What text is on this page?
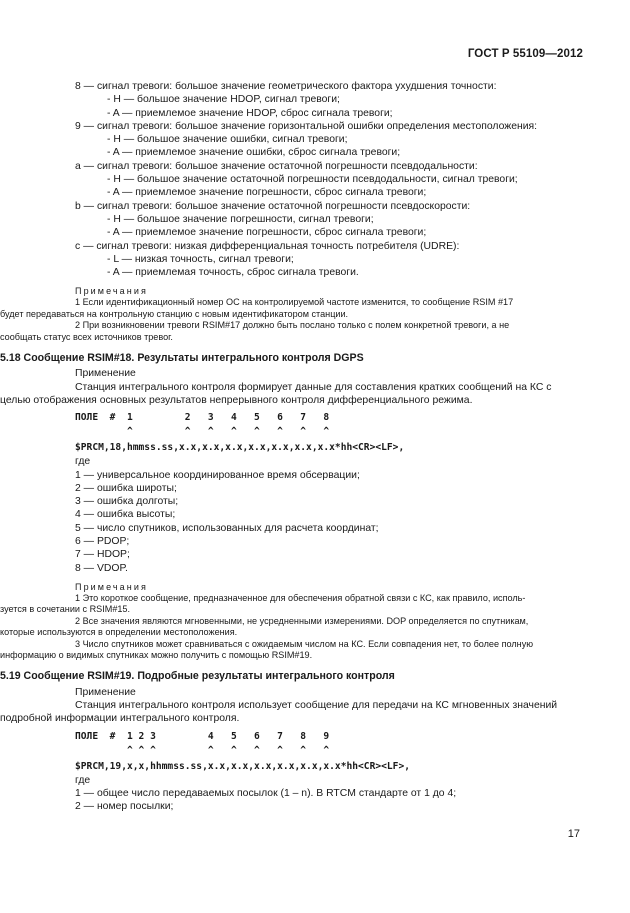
ГОСТ Р 55109—2012
8 — сигнал тревоги: большое значение геометрического фактора ухудшения точности:
- H — большое значение HDOP, сигнал тревоги;
- A — приемлемое значение HDOP, сброс сигнала тревоги;
9 — сигнал тревоги: большое значение горизонтальной ошибки определения местоположения:
- H — большое значение ошибки, сигнал тревоги;
- A — приемлемое значение ошибки, сброс сигнала тревоги;
а — сигнал тревоги: большое значение остаточной погрешности псевдодальности:
- H — большое значение остаточной погрешности псевдодальности, сигнал тревоги;
- A — приемлемое значение погрешности, сброс сигнала тревоги;
b — сигнал тревоги: большое значение остаточной погрешности псевдоскорости:
- H — большое значение погрешности, сигнал тревоги;
- A — приемлемое значение погрешности, сброс сигнала тревоги;
с — сигнал тревоги: низкая дифференциальная точность потребителя (UDRE):
- L — низкая точность, сигнал тревоги;
- A — приемлемая точность, сброс сигнала тревоги.
Примечания
1 Если идентификационный номер ОС на контролируемой частоте изменится, то сообщение RSIM #17
будет передаваться на контрольную станцию с новым идентификатором станции.
2 При возникновении тревоги RSIM#17 должно быть послано только с полем конкретной тревоги, а не
сообщать статус всех источников тревог.
5.18 Сообщение RSIM#18. Результаты интегрального контроля DGPS
Применение
Станция интегрального контроля формирует данные для составления кратких сообщений на КС с
целью отображения основных результатов непрерывного контроля дифференциального режима.
ПОЛЕ  #  1         2   3   4   5   6   7   8
^         ^   ^   ^   ^   ^   ^   ^
$PRCM,18,hmmss.ss,x.x,x.x,x.x,x.x,x.x,x.x,x.x*hh<CR><LF>,
где
1 — универсальное координированное время обсервации;
2 — ошибка широты;
3 — ошибка долготы;
4 — ошибка высоты;
5 — число спутников, использованных для расчета координат;
6 — PDOP;
7 — HDOP;
8 — VDOP.
Примечания
1 Это короткое сообщение, предназначенное для обеспечения обратной связи с КС, как правило, исполь-
зуется в сочетании с RSIM#15.
2 Все значения являются мгновенными, не усредненными измерениями. DOP определяется по спутникам,
которые используются в определении местоположения.
3 Число спутников может сравниваться с ожидаемым числом на КС. Если совпадения нет, то более полную
информацию о видимых спутниках можно получить с помощью RSIM#19.
5.19 Сообщение RSIM#19. Подробные результаты интегрального контроля
Применение
Станция интегрального контроля использует сообщение для передачи на КС мгновенных значений
подробной информации интегрального контроля.
ПОЛЕ  #  1 2 3         4   5   6   7   8   9
^ ^ ^         ^   ^   ^   ^   ^   ^
$PRCM,19,x,x,hhmmss.ss,x.x,x.x,x.x,x.x,x.x,x.x*hh<CR><LF>,
где
1 — общее число передаваемых посылок (1 – n). В RTCM стандарте от 1 до 4;
2 — номер посылки;
17
